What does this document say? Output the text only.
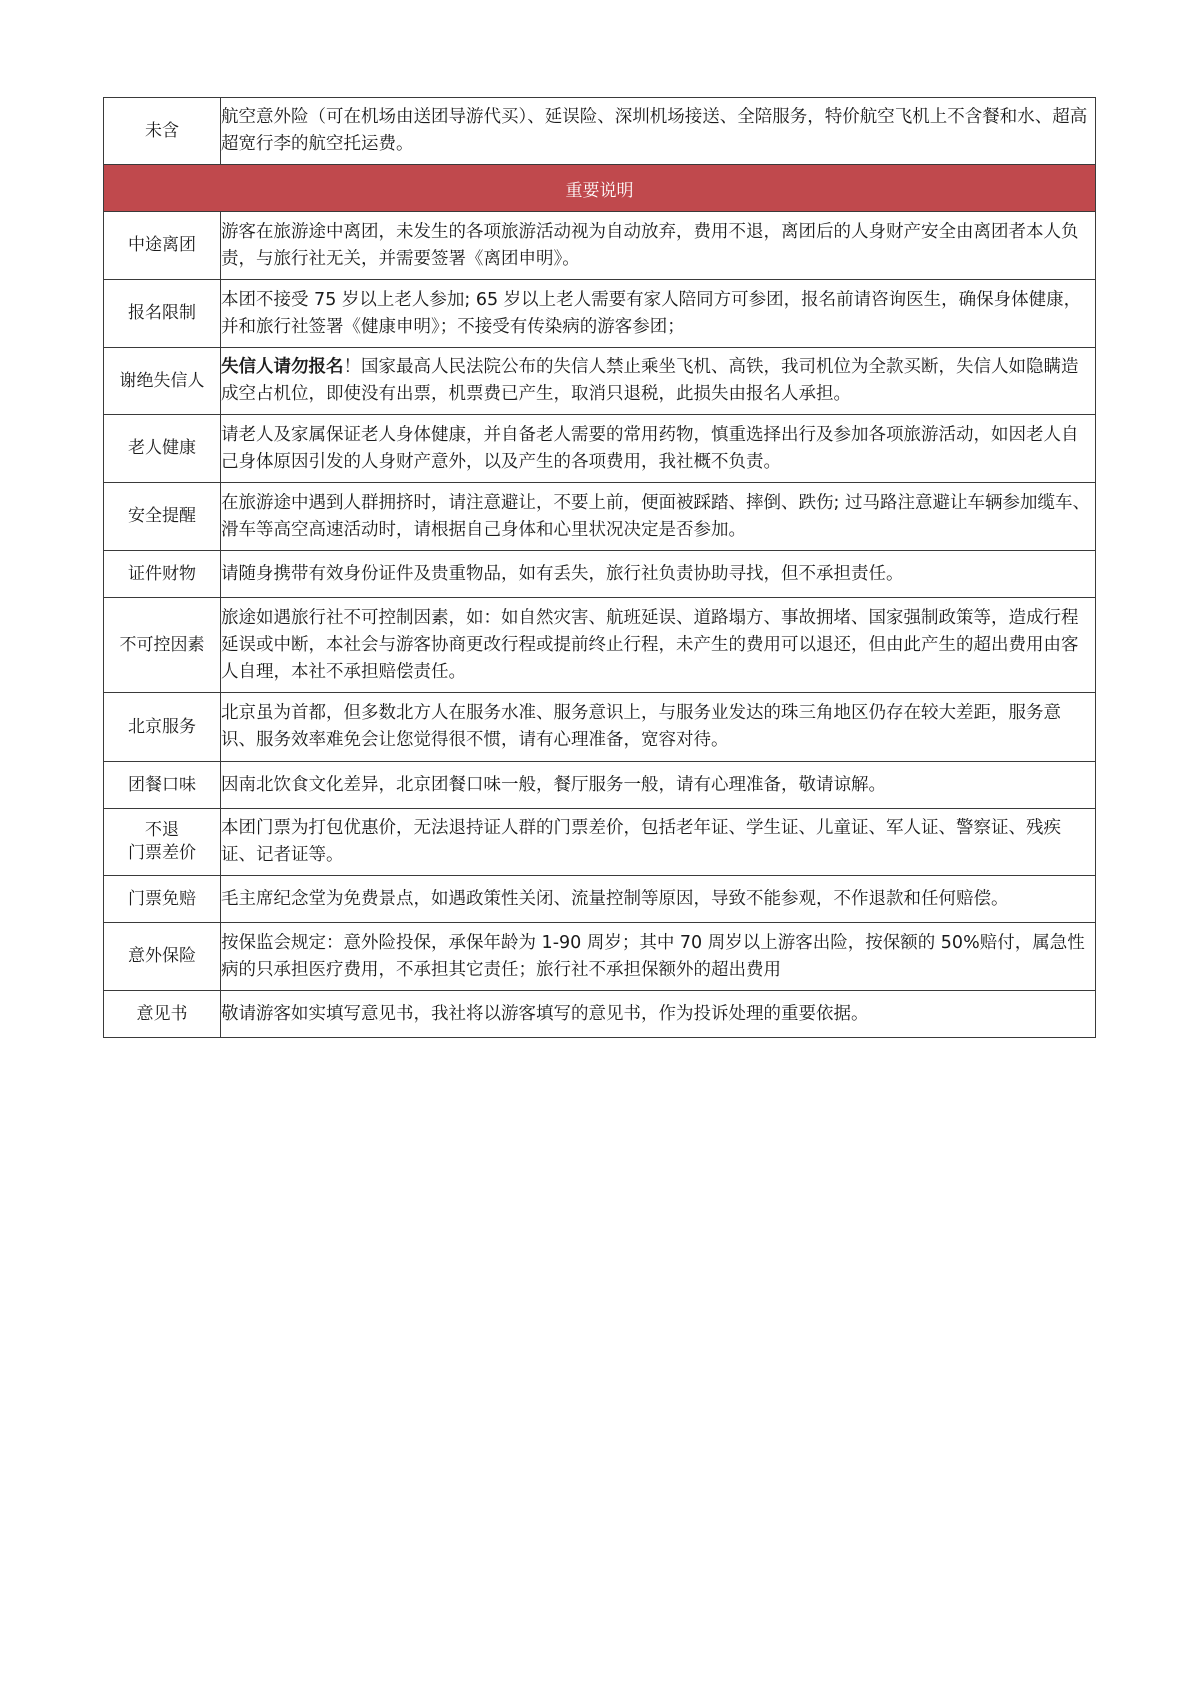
未含	航空意外险（可在机场由送团导游代买）、延误险、深圳机场接送、全陪服务，特价航空飞机上不含餐和水、超高超宽行李的航空托运费。
重要说明	
中途离团	游客在旅游途中离团，未发生的各项旅游活动视为自动放弃，费用不退，离团后的人身财产安全由离团者本人负责，与旅行社无关，并需要签署《离团申明》。
报名限制	本团不接受 75 岁以上老人参加; 65 岁以上老人需要有家人陪同方可参团，报名前请咨询医生，确保身体健康，并和旅行社签署《健康申明》；不接受有传染病的游客参团；
谢绝失信人	失信人请勿报名！国家最高人民法院公布的失信人禁止乘坐飞机、高铁，我司机位为全款买断，失信人如隐瞒造成空占机位，即使没有出票，机票费已产生，取消只退税，此损失由报名人承担。
老人健康	请老人及家属保证老人身体健康，并自备老人需要的常用药物，慎重选择出行及参加各项旅游活动，如因老人自己身体原因引发的人身财产意外，以及产生的各项费用，我社概不负责。
安全提醒	在旅游途中遇到人群拥挤时，请注意避让，不要上前，便面被踩踏、摔倒、跌伤; 过马路注意避让车辆参加缆车、滑车等高空高速活动时，请根据自己身体和心里状况决定是否参加。
证件财物	请随身携带有效身份证件及贵重物品，如有丢失，旅行社负责协助寻找，但不承担责任。
不可控因素	旅途如遇旅行社不可控制因素，如：如自然灾害、航班延误、道路塌方、事故拥堵、国家强制政策等，造成行程延误或中断，本社会与游客协商更改行程或提前终止行程，未产生的费用可以退还，但由此产生的超出费用由客人自理，本社不承担赔偿责任。
北京服务	北京虽为首都，但多数北方人在服务水准、服务意识上，与服务业发达的珠三角地区仍存在较大差距，服务意识、服务效率难免会让您觉得很不惯，请有心理准备，宽容对待。
团餐口味	因南北饮食文化差异，北京团餐口味一般，餐厅服务一般，请有心理准备，敬请谅解。

不退
门票差价	本团门票为打包优惠价，无法退持证人群的门票差价，包括老年证、学生证、儿童证、军人证、警察证、残疾证、记者证等。
门票免赔	毛主席纪念堂为免费景点，如遇政策性关闭、流量控制等原因，导致不能参观，不作退款和任何赔偿。
意外保险	按保监会规定：意外险投保，承保年龄为 1-90 周岁；其中 70 周岁以上游客出险，按保额的 50%赔付，属急性病的只承担医疗费用，不承担其它责任；旅行社不承担保额外的超出费用
意见书	敬请游客如实填写意见书，我社将以游客填写的意见书，作为投诉处理的重要依据。
